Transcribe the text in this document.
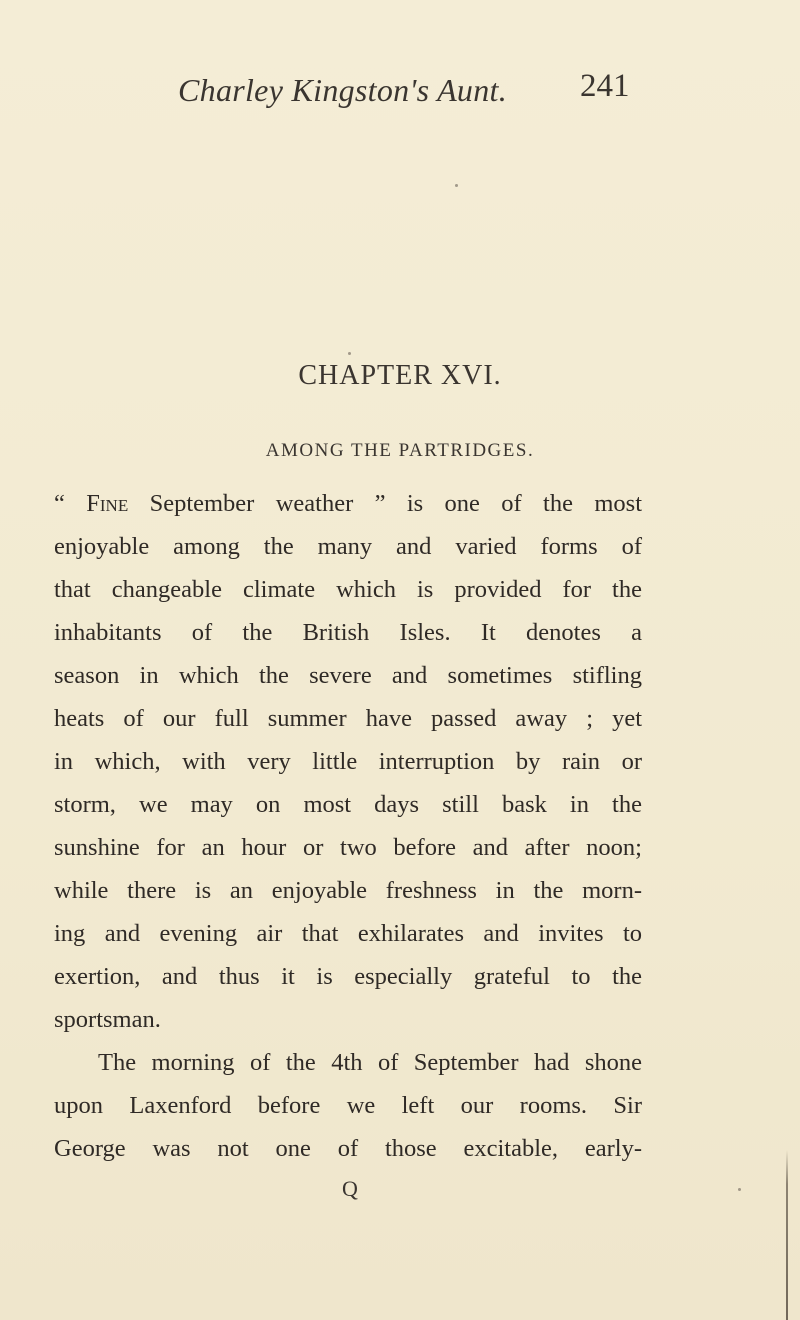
Charley Kingston's Aunt. 241
CHAPTER XVI.
AMONG THE PARTRIDGES.
“ Fine September weather ” is one of the most
enjoyable among the many and varied forms of
that changeable climate which is provided for the
inhabitants of the British Isles. It denotes a
season in which the severe and sometimes stifling
heats of our full summer have passed away ; yet
in which, with very little interruption by rain or
storm, we may on most days still bask in the
sunshine for an hour or two before and after noon;
while there is an enjoyable freshness in the morn-
ing and evening air that exhilarates and invites to
exertion, and thus it is especially grateful to the
sportsman.
The morning of the 4th of September had shone
upon Laxenford before we left our rooms. Sir
George was not one of those excitable, early-
Q
